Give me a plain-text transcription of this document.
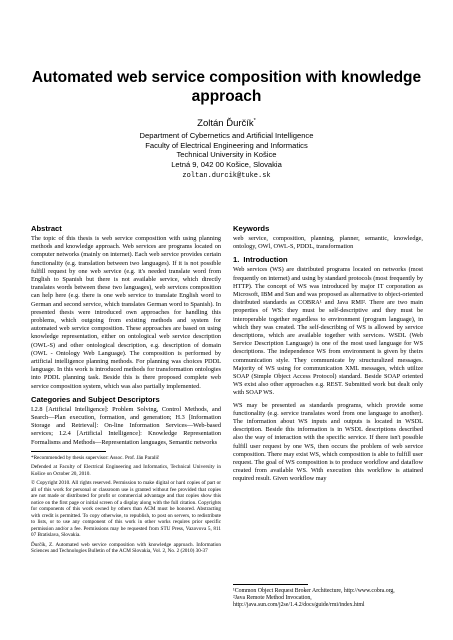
Automated web service composition with knowledge approach
Zoltán Ďurčík*
Department of Cybernetics and Artificial Intelligence
Faculty of Electrical Engineering and Informatics
Technical University in Košice
Letná 9, 042 00 Košice, Slovakia
zoltan.durcik@tuke.sk
Abstract

The topic of this thesis is web service composition with using planning methods and knowledge approach. Web services are programs located on computer networks (mainly on internet). Each web service provides certain functionality (e.g. translation between two languages). If it is not possible fulfill request by one web service (e.g. it's needed translate word from English to Spanish but there is not available service, which directly translates words between these two languages), web services composition can help here (e.g. there is one web service to translate English word to German and second service, which translates German word to Spanish). In presented thesis were introduced own approaches for handling this problems, which outgoing from existing methods and system for automated web service composition. These approaches are based on using knowledge representation, either on ontological web service description (OWL-S) and other ontological description, e.g. description of domain (OWL - Ontology Web Language). The composition is performed by artificial intelligence planning methods. For planning was choices PDDL language. In this work is introduced methods for transformation ontologies into PDDL planning task. Beside this is there proposed complete web service composition system, which was also partially implemented.

Categories and Subject Descriptors

I.2.8 [Artificial Intelligence]: Problem Solving, Control Methods, and Search—Plan execution, formation, and generation; H.3 [Information Storage and Retrieval]: On-line Information Services—Web-based services; I.2.4 [Artificial Intelligence]: Knowledge Representation Formalisms and Methods—Representation languages, Semantic networks

*Recommended by thesis supervisor: Assoc. Prof. Ján Paralič
Defended at Faculty of Electrical Engineering and Informatics, Technical University in Košice on October 20, 2010.
© Copyright 2010. All rights reserved. Permission to make digital or hard copies of part or all of this work for personal or classroom use is granted without fee provided that copies are not made or distributed for profit or commercial advantage and that copies show this notice on the first page or initial screen of a display along with the full citation. Copyrights for components of this work owned by others than ACM must be honored. Abstracting with credit is permitted. To copy otherwise, to republish, to post on servers, to redistribute to lists, or to use any component of this work in other works requires prior specific permission and/or a fee. Permissions may be requested from STU Press, Vazovova 5, 811 07 Bratislava, Slovakia.
Ďurčík, Z. Automated web service composition with knowledge approach. Information Sciences and Technologies Bulletin of the ACM Slovakia, Vol. 2, No. 2 (2010) 30-37
Keywords

web service, composition, planning, planner, semantic, knowledge, ontology, OWl, OWL-S, PDDL, transformation

1. Introduction

Web services (WS) are distributed programs located on networks (most frequently on internet) and using by standard protocols (most frequently by HTTP). The concept of WS was introduced by major IT corporation as Microsoft, IBM and Sun and was proposed as alternative to object-oriented distributed standards as COBRA¹ and Java RMI². There are two main properties of WS: they must be self-descriptive and they must be interoperable together regardless to environment (program language), in which they was created. The self-describing of WS is allowed by service descriptions, which are available together with services. WSDL (Web Service Description Language) is one of the most used language for WS descriptions. The independence WS from environment is given by theirs communication style. They communicate by structuralized messages. Majority of WS using for communication XML messages, which utilize SOAP (Simple Object Access Protocol) standard. Beside SOAP oriented WS exist also other approaches e.g. REST. Submitted work but dealt only with SOAP WS.

WS may be presented as standards programs, which provide some functionality (e.g. service translates word from one language to another). The information about WS inputs and outputs is located in WSDL description. Beside this information is in WSDL descriptions described also the way of interaction with the specific service. If there isn't possible fulfill user request by one WS, then occurs the problem of web service composition. There may exist WS, which composition is able to fulfill user request. The goal of WS composition is to produce workflow and dataflow created from available WS. With execution this workflow is attained required result. Given workflow may

¹Common Object Request Broker Architecture, http://www.cobra.org,
²Java Remote Method Invocation, http://java.sun.com/j2se/1.4.2/docs/guide/rmi/index.html
